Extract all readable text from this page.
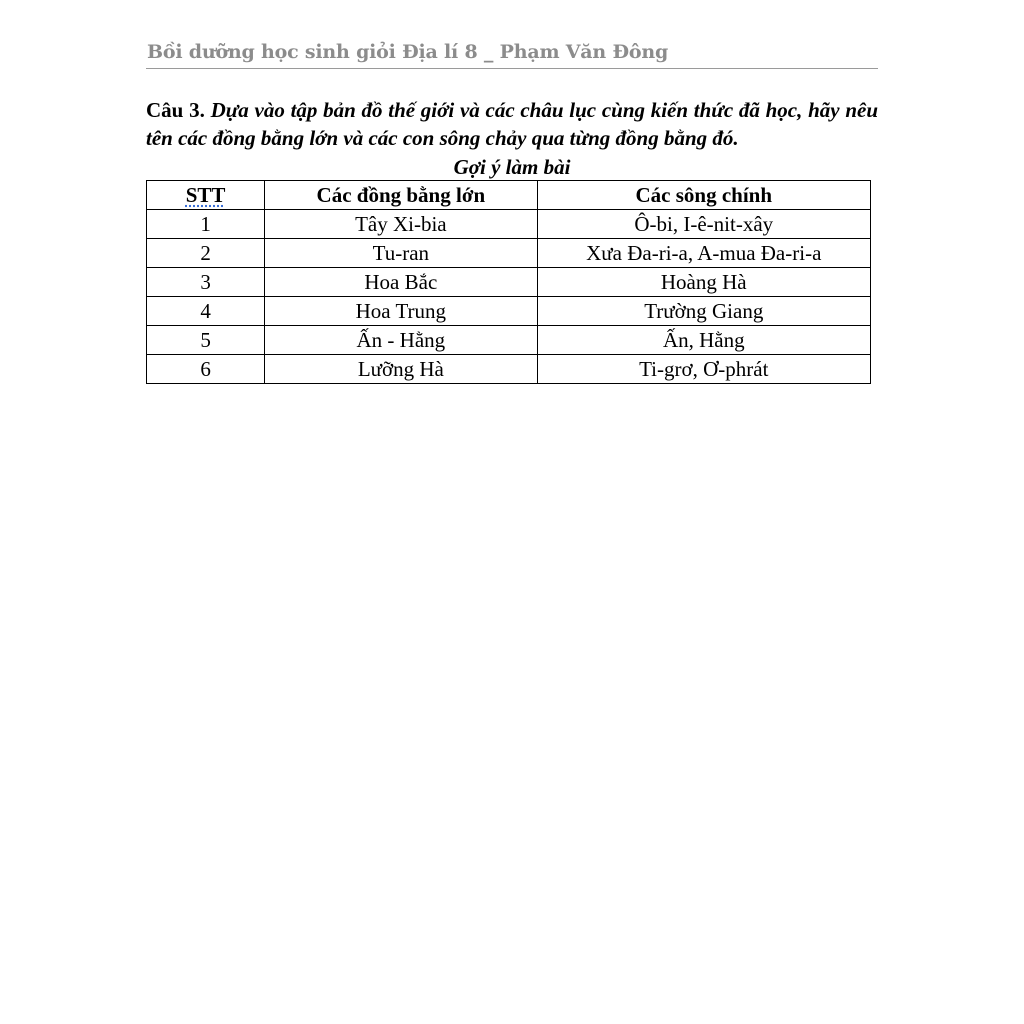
Bồi dưỡng học sinh giỏi Địa lí 8 _ Phạm Văn Đông
Câu 3. Dựa vào tập bản đồ thế giới và các châu lục cùng kiến thức đã học, hãy nêu tên các đồng bằng lớn và các con sông chảy qua từng đồng bằng đó.
Gợi ý làm bài
STT	Các đồng bằng lớn	Các sông chính
1	Tây Xi-bia	Ô-bi, I-ê-nit-xây
2	Tu-ran	Xưa Đa-ri-a, A-mua Đa-ri-a
3	Hoa Bắc	Hoàng Hà
4	Hoa Trung	Trường Giang
5	Ấn - Hằng	Ấn, Hằng
6	Lưỡng Hà	Ti-grơ, Ơ-phrát
